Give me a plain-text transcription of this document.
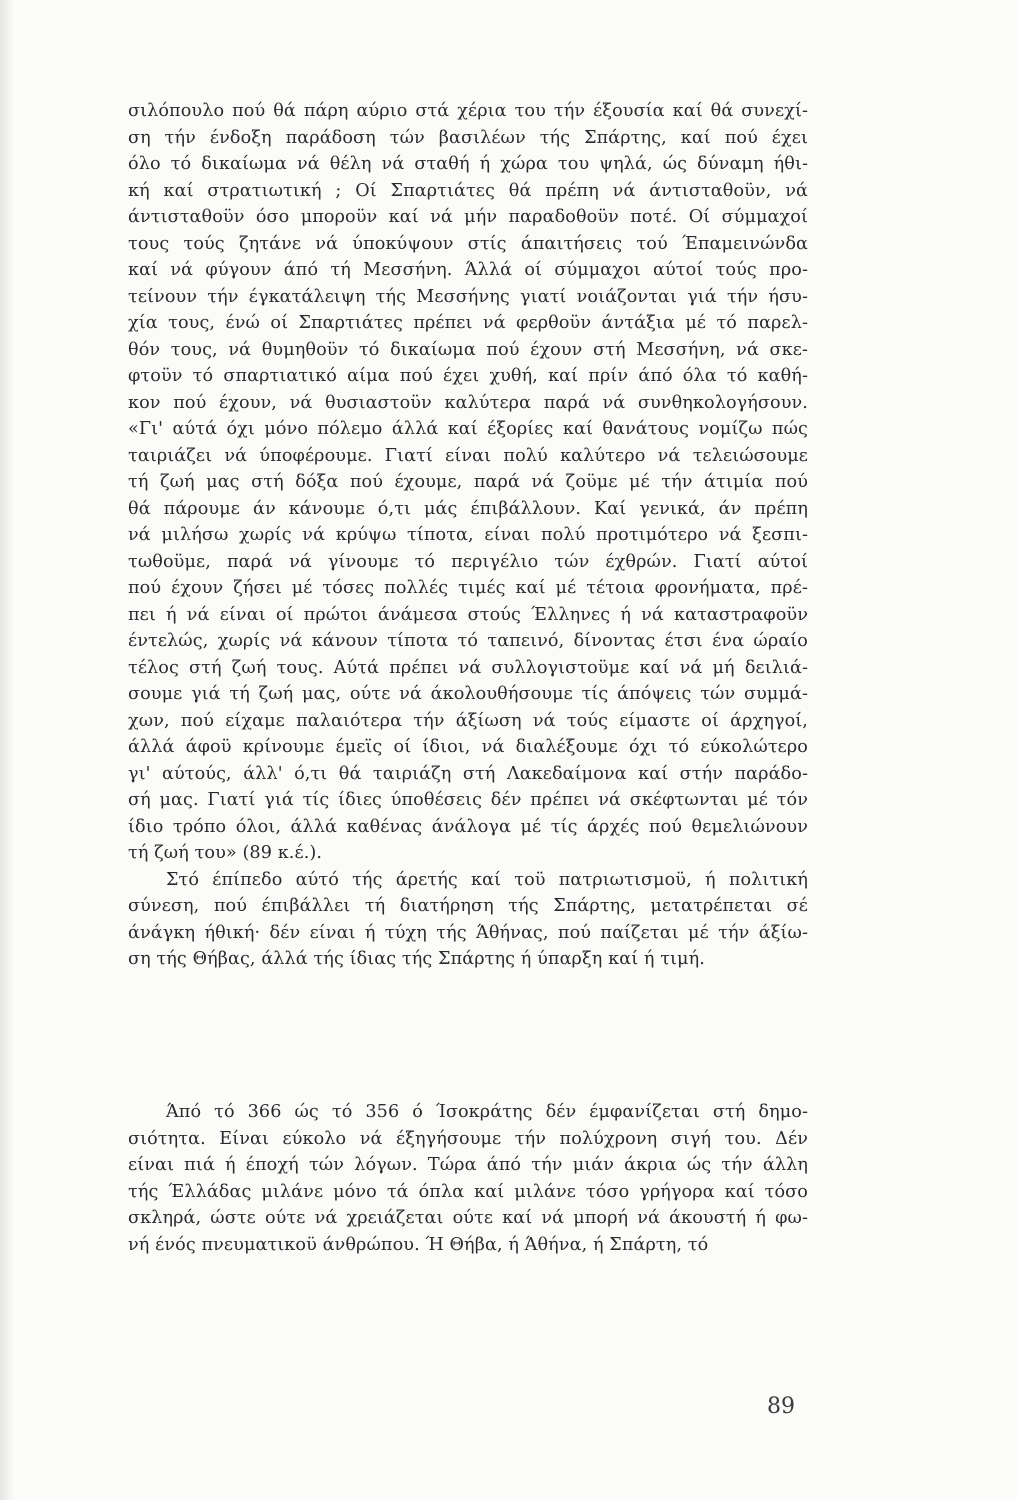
σιλόπουλο πού θά πάρη αύριο στά χέρια του τήν έξουσία καί θά συνεχί-
ση τήν ένδοξη παράδοση τών βασιλέων τής Σπάρτης, καί πού έχει
όλο τό δικαίωμα νά θέλη νά σταθή ή χώρα του ψηλά, ώς δύναμη ήθι-
κή καί στρατιωτική ; Οί Σπαρτιάτες θά πρέπη νά άντισταθοϋν, νά
άντισταθοϋν όσο μποροϋν καί νά μήν παραδοθοϋν ποτέ. Οί σύμμαχοί
τους τούς ζητάνε νά ύποκύψουν στίς άπαιτήσεις τού Έπαμεινώνδα
καί νά φύγουν άπό τή Μεσσήνη. Άλλά οί σύμμαχοι αύτοί τούς προ-
τείνουν τήν έγκατάλειψη τής Μεσσήνης γιατί νοιάζονται γιά τήν ήσυ-
χία τους, ένώ οί Σπαρτιάτες πρέπει νά φερθοϋν άντάξια μέ τό παρελ-
θόν τους, νά θυμηθοϋν τό δικαίωμα πού έχουν στή Μεσσήνη, νά σκε-
φτοϋν τό σπαρτιατικό αίμα πού έχει χυθή, καί πρίν άπό όλα τό καθή-
κον πού έχουν, νά θυσιαστοϋν καλύτερα παρά νά συνθηκολογήσουν.
«Γι' αύτά όχι μόνο πόλεμο άλλά καί έξορίες καί θανάτους νομίζω πώς
ταιριάζει νά ύποφέρουμε. Γιατί είναι πολύ καλύτερο νά τελειώσουμε
τή ζωή μας στή δόξα πού έχουμε, παρά νά ζοϋμε μέ τήν άτιμία πού
θά πάρουμε άν κάνουμε ό,τι μάς έπιβάλλουν. Καί γενικά, άν πρέπη
νά μιλήσω χωρίς νά κρύψω τίποτα, είναι πολύ προτιμότερο νά ξεσπι-
τωθοϋμε, παρά νά γίνουμε τό περιγέλιο τών έχθρών. Γιατί αύτοί
πού έχουν ζήσει μέ τόσες πολλές τιμές καί μέ τέτοια φρονήματα, πρέ-
πει ή νά είναι οί πρώτοι άνάμεσα στούς Έλληνες ή νά καταστραφοϋν
έντελώς, χωρίς νά κάνουν τίποτα τό ταπεινό, δίνοντας έτσι ένα ώραίο
τέλος στή ζωή τους. Αύτά πρέπει νά συλλογιστοϋμε καί νά μή δειλιά-
σουμε γιά τή ζωή μας, ούτε νά άκολουθήσουμε τίς άπόψεις τών συμμά-
χων, πού είχαμε παλαιότερα τήν άξίωση νά τούς είμαστε οί άρχηγοί,
άλλά άφοϋ κρίνουμε έμεϊς οί ίδιοι, νά διαλέξουμε όχι τό εύκολώτερο
γι' αύτούς, άλλ' ό,τι θά ταιριάζη στή Λακεδαίμονα καί στήν παράδο-
σή μας. Γιατί γιά τίς ίδιες ύποθέσεις δέν πρέπει νά σκέφτωνται μέ τόν
ίδιο τρόπο όλοι, άλλά καθένας άνάλογα μέ τίς άρχές πού θεμελιώνουν
τή ζωή του» (89 κ.έ.).
Στό έπίπεδο αύτό τής άρετής καί τοϋ πατριωτισμοϋ, ή πολιτική
σύνεση, πού έπιβάλλει τή διατήρηση τής Σπάρτης, μετατρέπεται σέ
άνάγκη ήθική· δέν είναι ή τύχη τής Άθήνας, πού παίζεται μέ τήν άξίω-
ση τής Θήβας, άλλά τής ίδιας τής Σπάρτης ή ύπαρξη καί ή τιμή.
Άπό τό 366 ώς τό 356 ό Ίσοκράτης δέν έμφανίζεται στή δημο-
σιότητα. Είναι εύκολο νά έξηγήσουμε τήν πολύχρονη σιγή του. Δέν
είναι πιά ή έποχή τών λόγων. Τώρα άπό τήν μιάν άκρια ώς τήν άλλη
τής Έλλάδας μιλάνε μόνο τά όπλα καί μιλάνε τόσο γρήγορα καί τόσο
σκληρά, ώστε ούτε νά χρειάζεται ούτε καί νά μπορή νά άκουστή ή φω-
νή ένός πνευματικοϋ άνθρώπου. Ή Θήβα, ή Άθήνα, ή Σπάρτη, τό
89
